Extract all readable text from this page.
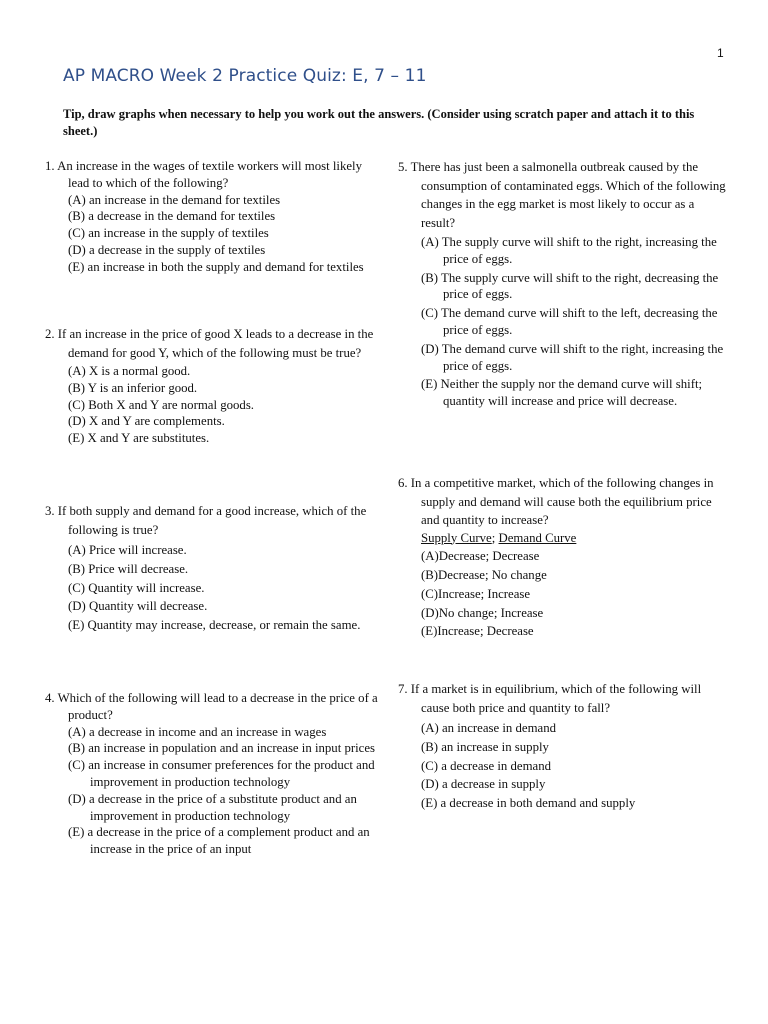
1
AP MACRO Week 2 Practice Quiz: E, 7 – 11
Tip, draw graphs when necessary to help you work out the answers. (Consider using scratch paper and attach it to this sheet.)
1. An increase in the wages of textile workers will most likely lead to which of the following?
(A) an increase in the demand for textiles
(B) a decrease in the demand for textiles
(C) an increase in the supply of textiles
(D) a decrease in the supply of textiles
(E) an increase in both the supply and demand for textiles
2. If an increase in the price of good X leads to a decrease in the demand for good Y, which of the following must be true?
(A) X is a normal good.
(B) Y is an inferior good.
(C) Both X and Y are normal goods.
(D) X and Y are complements.
(E) X and Y are substitutes.
3. If both supply and demand for a good increase, which of the following is true?
(A) Price will increase.
(B) Price will decrease.
(C) Quantity will increase.
(D) Quantity will decrease.
(E) Quantity may increase, decrease, or remain the same.
4. Which of the following will lead to a decrease in the price of a product?
(A) a decrease in income and an increase in wages
(B) an increase in population and an increase in input prices
(C) an increase in consumer preferences for the product and improvement in production technology
(D) a decrease in the price of a substitute product and an improvement in production technology
(E) a decrease in the price of a complement product and an increase in the price of an input
5. There has just been a salmonella outbreak caused by the consumption of contaminated eggs. Which of the following changes in the egg market is most likely to occur as a result?
(A) The supply curve will shift to the right, increasing the price of eggs.
(B) The supply curve will shift to the right, decreasing the price of eggs.
(C) The demand curve will shift to the left, decreasing the price of eggs.
(D) The demand curve will shift to the right, increasing the price of eggs.
(E) Neither the supply nor the demand curve will shift; quantity will increase and price will decrease.
6. In a competitive market, which of the following changes in supply and demand will cause both the equilibrium price and quantity to increase?
Supply Curve; Demand Curve
(A)Decrease; Decrease
(B)Decrease; No change
(C)Increase; Increase
(D)No change; Increase
(E)Increase; Decrease
7. If a market is in equilibrium, which of the following will cause both price and quantity to fall?
(A) an increase in demand
(B) an increase in supply
(C) a decrease in demand
(D) a decrease in supply
(E) a decrease in both demand and supply
